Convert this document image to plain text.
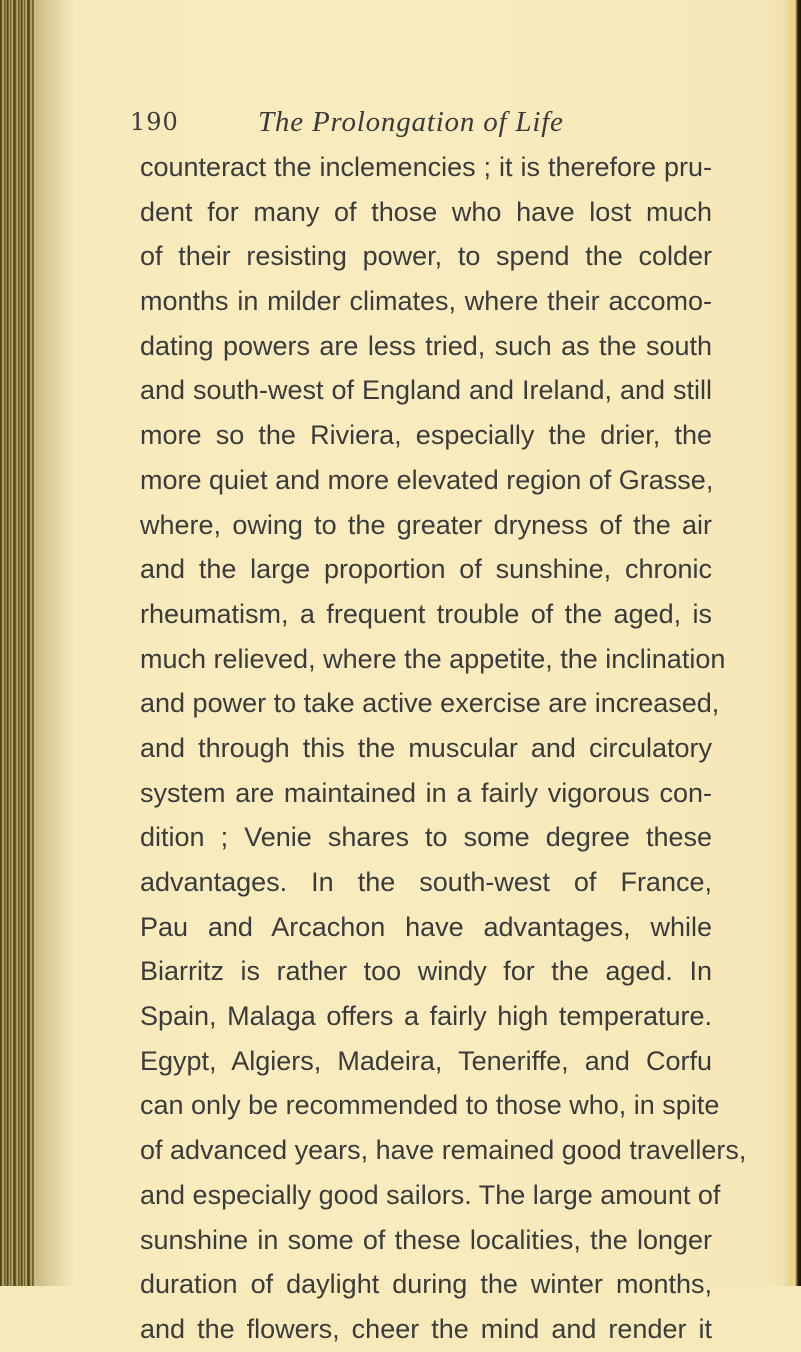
190	The Prolongation of Life
counteract the inclemencies ; it is therefore pru-
dent for many of those who have lost much
of their resisting power, to spend the colder
months in milder climates, where their accomo-
dating powers are less tried, such as the south
and south-west of England and Ireland, and still
more so the Riviera, especially the drier, the
more quiet and more elevated region of Grasse,
where, owing to the greater dryness of the air
and the large proportion of sunshine, chronic
rheumatism, a frequent trouble of the aged, is
much relieved, where the appetite, the inclination
and power to take active exercise are increased,
and through this the muscular and circulatory
system are maintained in a fairly vigorous con-
dition ; Venie shares to some degree these
advantages. In the south-west of France,
Pau and Arcachon have advantages, while
Biarritz is rather too windy for the aged. In
Spain, Malaga offers a fairly high temperature.
Egypt, Algiers, Madeira, Teneriffe, and Corfu
can only be recommended to those who, in spite
of advanced years, have remained good travellers,
and especially good sailors. The large amount of
sunshine in some of these localities, the longer
duration of daylight during the winter months,
and the flowers, cheer the mind and render it
